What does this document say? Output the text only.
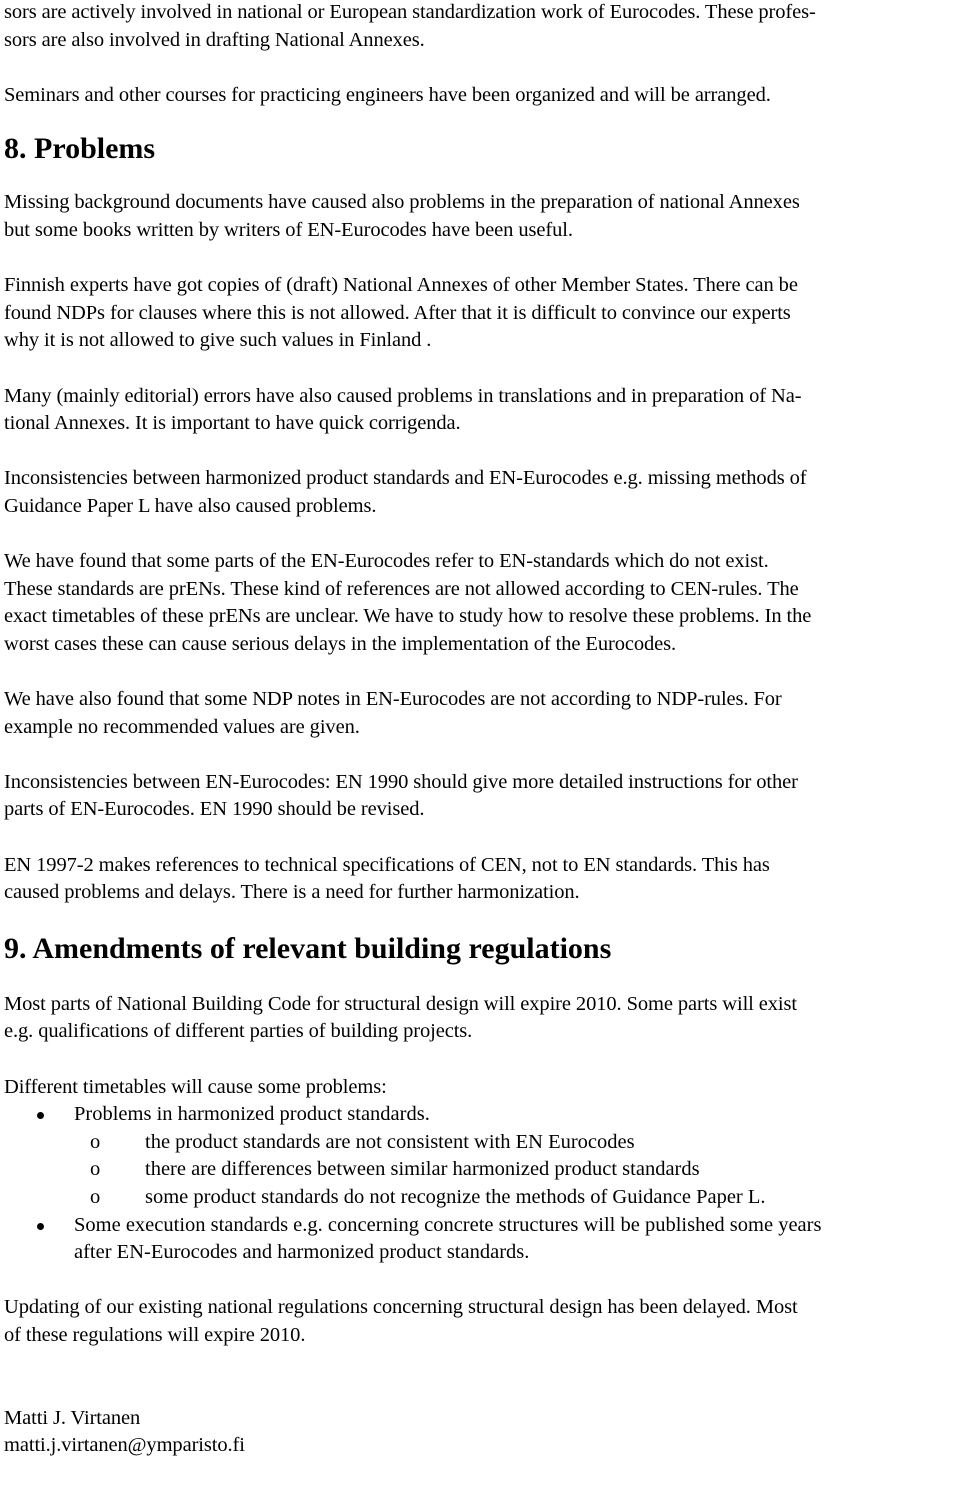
sors are actively involved in national or European standardization work of Eurocodes. These profes-
sors are also involved in drafting National Annexes.

Seminars and other courses for practicing engineers have been organized and will be arranged.

8. Problems

Missing background documents have caused also problems in the preparation of national Annexes
but some books written by writers of EN-Eurocodes have been useful.

Finnish experts have got copies of (draft) National Annexes of other Member States. There can be
found NDPs for clauses where this is not allowed. After that it is difficult to convince our experts
why it is not allowed to give such values in Finland .

Many (mainly editorial) errors have also caused problems in translations and in preparation of Na-
tional Annexes. It is important to have quick corrigenda.

Inconsistencies between harmonized product standards and EN-Eurocodes e.g. missing methods of
Guidance Paper L have also caused problems.

We have found that some parts of the EN-Eurocodes refer to EN-standards which do not exist.
These standards are prENs. These kind of references are not allowed according to CEN-rules. The
exact timetables of these prENs are unclear. We have to study how to resolve these problems. In the
worst cases these can cause serious delays in the implementation of the Eurocodes.

We have also found that some NDP notes in EN-Eurocodes are not according to NDP-rules. For
example no recommended values are given.

Inconsistencies between EN-Eurocodes: EN 1990 should give more detailed instructions for other
parts of EN-Eurocodes. EN 1990 should be revised.

EN 1997-2 makes references to technical specifications of CEN, not to EN standards. This has
caused problems and delays. There is a need for further harmonization.

9. Amendments of relevant building regulations

Most parts of National Building Code for structural design will expire 2010. Some parts will exist
e.g. qualifications of different parties of building projects.

Different timetables will cause some problems:

Problems in harmonized product standards.
o the product standards are not consistent with EN Eurocodes
o there are differences between similar harmonized product standards
o some product standards do not recognize the methods of Guidance Paper L.
Some execution standards e.g. concerning concrete structures will be published some years
after EN-Eurocodes and harmonized product standards.

Updating of our existing national regulations concerning structural design has been delayed. Most
of these regulations will expire 2010.

Matti J. Virtanen

matti.j.virtanen@ymparisto.fi
